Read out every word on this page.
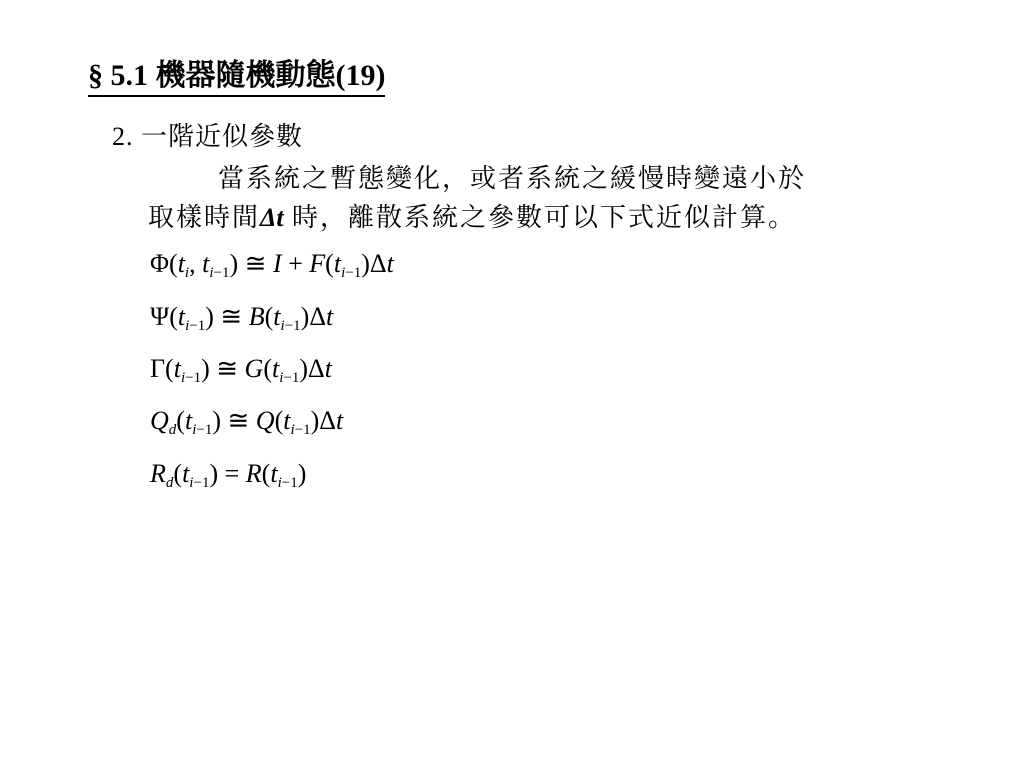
§ 5.1 機器隨機動態(19)
2. 一階近似參數
當系統之暫態變化，或者系統之緩慢時變遠小於
取樣時間Δt 時，離散系統之參數可以下式近似計算。
$\Phi(t_i$, $t_{i-1}$) ≅ $I + F(t_{i-1})\Delta t$
$\Psi(t_{i-1})$ ≅ $B(t_{i-1})\Delta t$
$\Gamma(t_{i-1})$ ≅ $G(t_{i-1})\Delta t$
$Q_d(t_{i-1})$ ≅ $Q(t_{i-1})\Delta t$
$R_d(t_{i-1}) = R(t_{i-1})$
